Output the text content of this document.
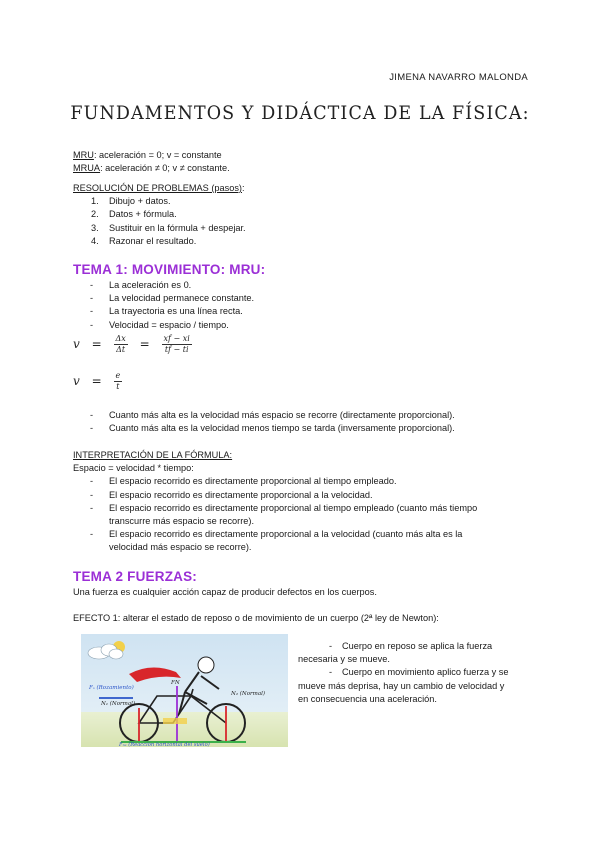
JIMENA NAVARRO MALONDA
FUNDAMENTOS Y DIDÁCTICA DE LA FÍSICA:
MRU: aceleración = 0; v = constante
MRUA: aceleración ≠ 0; v ≠ constante.
RESOLUCIÓN DE PROBLEMAS (pasos):
1. Dibujo + datos.
2. Datos + fórmula.
3. Sustituir en la fórmula + despejar.
4. Razonar el resultado.
TEMA 1: MOVIMIENTO: MRU:
- La aceleración es 0.
- La velocidad permanece constante.
- La trayectoria es una línea recta.
- Velocidad = espacio / tiempo.
$v = \frac{\Delta x}{\Delta t} = \frac{xf - xi}{tf - ti}$
$v = \frac{e}{t}$
- Cuanto más alta es la velocidad más espacio se recorre (directamente proporcional).
- Cuanto más alta es la velocidad menos tiempo se tarda (inversamente proporcional).
INTERPRETACIÓN DE LA FÓRMULA:
Espacio = velocidad * tiempo:
- El espacio recorrido es directamente proporcional al tiempo empleado.
- El espacio recorrido es directamente proporcional a la velocidad.
- El espacio recorrido es directamente proporcional al tiempo empleado (cuanto más tiempo
transcurre más espacio se recorre).
- El espacio recorrido es directamente proporcional a la velocidad (cuanto más alta es la
velocidad más espacio se recorre).
TEMA 2 FUERZAS:
Una fuerza es cualquier acción capaz de producir defectos en los cuerpos.
EFECTO 1: alterar el estado de reposo o de movimiento de un cuerpo (2ª ley de Newton):
Fₓ (Rozamiento)
N₁ (Normal)
FN
N₂ (Normal)
Fₙₓ (Reacción horizontal del suelo)
- Cuerpo en reposo se aplica la fuerza
necesaria y se mueve.
- Cuerpo en movimiento aplico fuerza y se
mueve más deprisa, hay un cambio de velocidad y
en consecuencia una aceleración.
